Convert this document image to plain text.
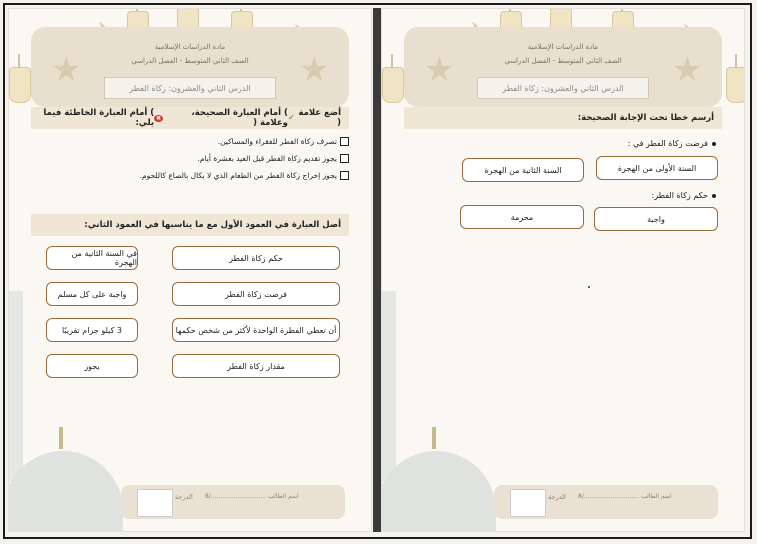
★	★
مادة الدراسات الإسلامية
الصف الثاني المتوسط - الفصل الدراسي
الدرس الثاني والعشرون: زكاة الفطر
أضع علامة (
✓
) أمام العبارة الصحيحة، وعلامة (
✖
) أمام العبارة الخاطئة فيما يلي:
تصرف زكاة الفطر للفقراء والمساكين.
يجوز تقديم زكاة الفطر قبل العيد بعشرة أيام.
يجوز إخراج زكاة الفطر من الطعام الذي لا يكال بالصاع كاللحوم.
أصل العبارة في العمود الأول مع ما يناسبها في العمود الثاني:
حكم زكاة الفطر
فرضت زكاة الفطر
أن تعطي الفطرة الواحدة لأكثر من شخص حكمها
مقدار زكاة الفطر
في السنة الثانية من الهجرة
واجبة على كل مسلم
3 كيلو جرام تقريبًا
يجوز
الدرجة اسم الطالب ............................./8
★	★
مادة الدراسات الإسلامية
الصف الثاني المتوسط - الفصل الدراسي
الدرس الثاني والعشرون: زكاة الفطر
أرسم خطا تحت الإجابة الصحيحة:
فرضت زكاة الفطر في :
السنة الأولى من الهجرة
السنة الثانية من الهجرة
حكم زكاة الفطر:
واجبة
محرمة
الدرجة اسم الطالب ............................./8
